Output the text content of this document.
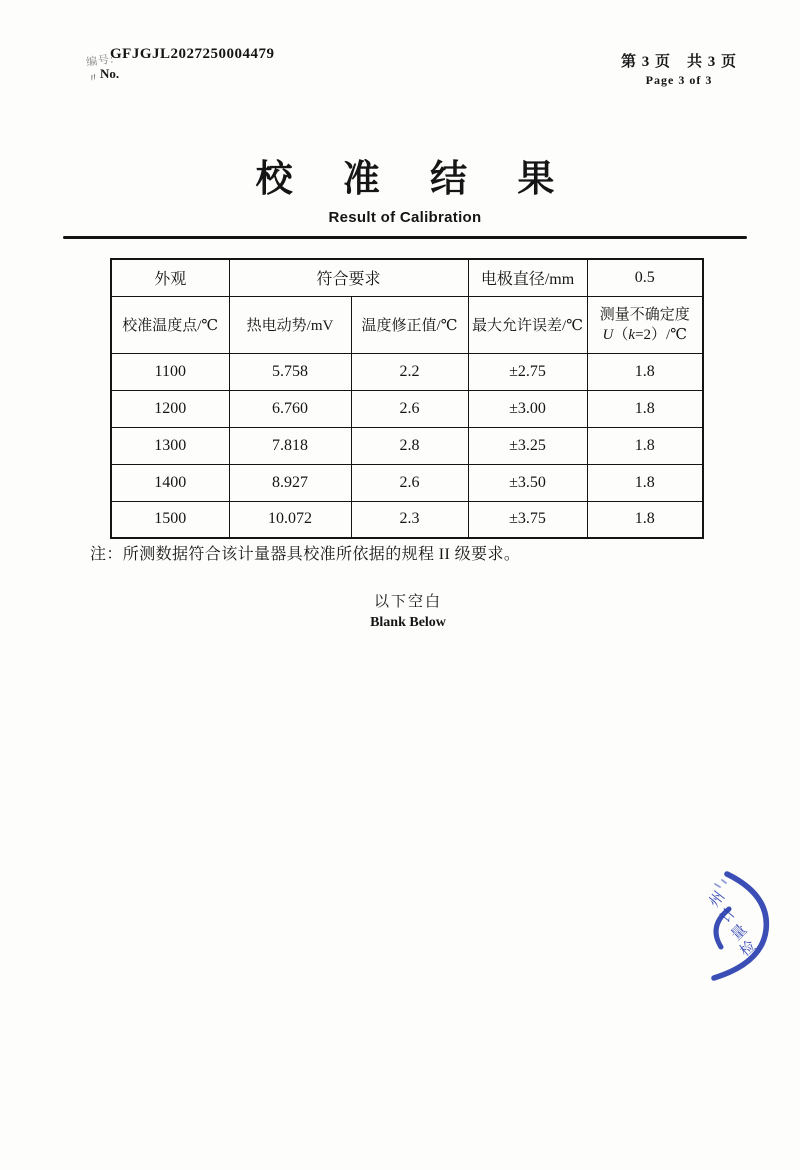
编号:
GFJGJL2027250004479
〃 No.
第 3 页　共 3 页
Page 3 of 3
校 准 结 果
Result of Calibration
外观	符合要求		电极直径/mm	0.5
校准温度点/℃	热电动势/mV	温度修正值/℃	最大允许误差/℃	测量不确定度
U（k=2）/℃

1100	5.758	2.2	±2.75	1.8
1200	6.760	2.6	±3.00	1.8
1300	7.818	2.8	±3.25	1.8
1400	8.927	2.6	±3.50	1.8
1500	10.072	2.3	±3.75	1.8
注：所测数据符合该计量器具校准所依据的规程 II 级要求。
以下空白
Blank Below
州
计
量
检
